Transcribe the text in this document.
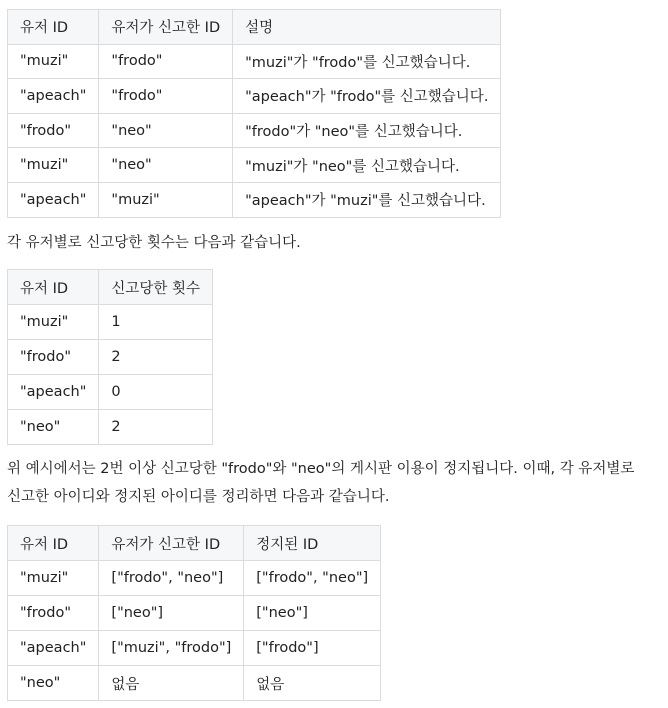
유저 ID	유저가 신고한 ID	설명
"muzi"	"frodo"	"muzi"가 "frodo"를 신고했습니다.
"apeach"	"frodo"	"apeach"가 "frodo"를 신고했습니다.
"frodo"	"neo"	"frodo"가 "neo"를 신고했습니다.
"muzi"	"neo"	"muzi"가 "neo"를 신고했습니다.
"apeach"	"muzi"	"apeach"가 "muzi"를 신고했습니다.

각 유저별로 신고당한 횟수는 다음과 같습니다.

유저 ID	신고당한 횟수
"muzi"	1
"frodo"	2
"apeach"	0
"neo"	2

위 예시에서는 2번 이상 신고당한 "frodo"와 "neo"의 게시판 이용이 정지됩니다. 이때, 각 유저별로
신고한 아이디와 정지된 아이디를 정리하면 다음과 같습니다.

유저 ID	유저가 신고한 ID	정지된 ID
"muzi"	["frodo", "neo"]	["frodo", "neo"]
"frodo"	["neo"]	["neo"]
"apeach"	["muzi", "frodo"]	["frodo"]
"neo"	없음	없음
